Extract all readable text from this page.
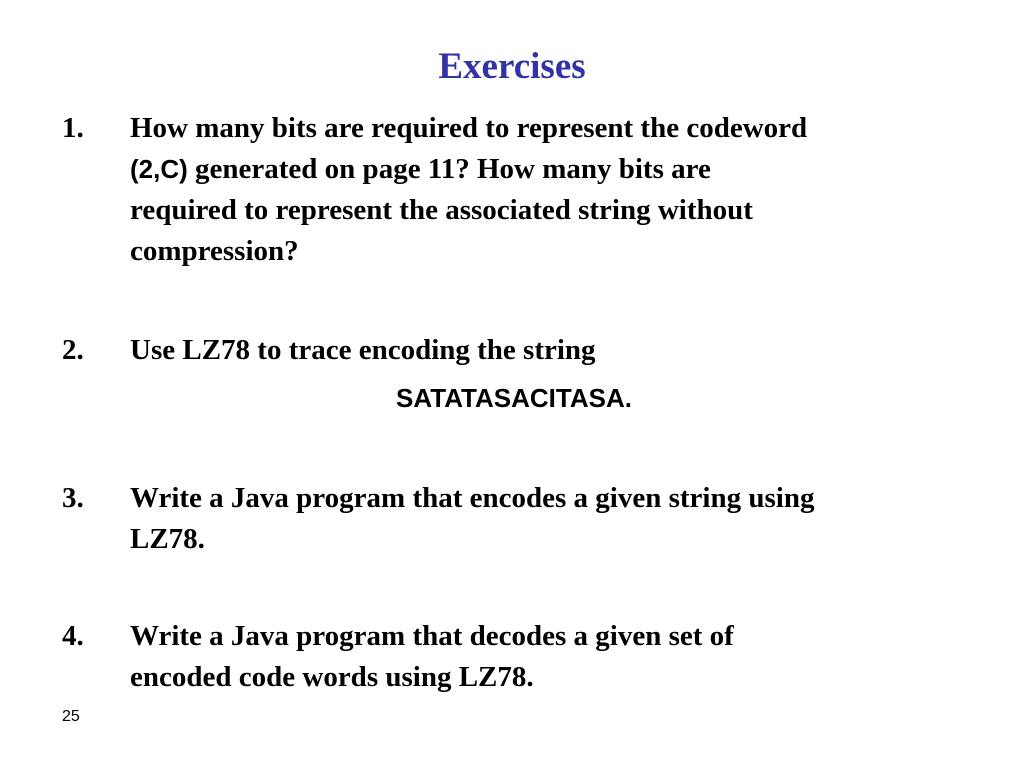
Exercises
1. How many bits are required to represent the codeword
(2,C) generated on page 11? How many bits are
required to represent the associated string without
compression?
2. Use LZ78 to trace encoding the string
SATATASACITASA.
3. Write a Java program that encodes a given string using
LZ78.
4. Write a Java program that decodes a given set of
encoded code words using LZ78.
25
